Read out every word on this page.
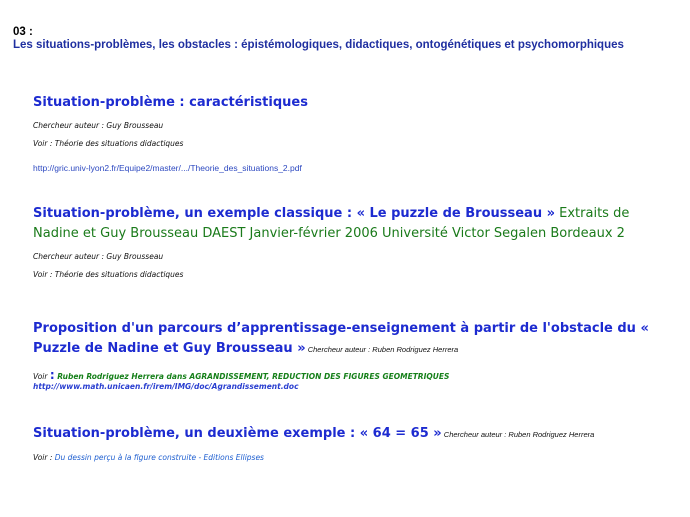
03 :
Les situations-problèmes, les obstacles : épistémologiques, didactiques, ontogénétiques et psychomorphiques
Situation-problème : caractéristiques
Chercheur auteur : Guy Brousseau
Voir : Théorie des situations didactiques
http://gric.univ-lyon2.fr/Equipe2/master/.../Theorie_des_situations_2.pdf
Situation-problème, un exemple classique : « Le puzzle de Brousseau » Extraits de Nadine et Guy Brousseau DAEST Janvier-février 2006 Université Victor Segalen Bordeaux 2
Chercheur auteur : Guy Brousseau
Voir : Théorie des situations didactiques
Proposition d'un parcours d’apprentissage-enseignement à partir de l'obstacle du « Puzzle de Nadine et Guy Brousseau » Chercheur auteur : Ruben Rodriguez Herrera
Voir : Ruben Rodriguez Herrera dans AGRANDISSEMENT, REDUCTION DES FIGURES GEOMETRIQUES
http://www.math.unicaen.fr/irem/IMG/doc/Agrandissement.doc
Situation-problème, un deuxième exemple : « 64 = 65 » Chercheur auteur : Ruben Rodriguez Herrera
Voir : Du dessin perçu à la figure construite - Editions Ellipses
